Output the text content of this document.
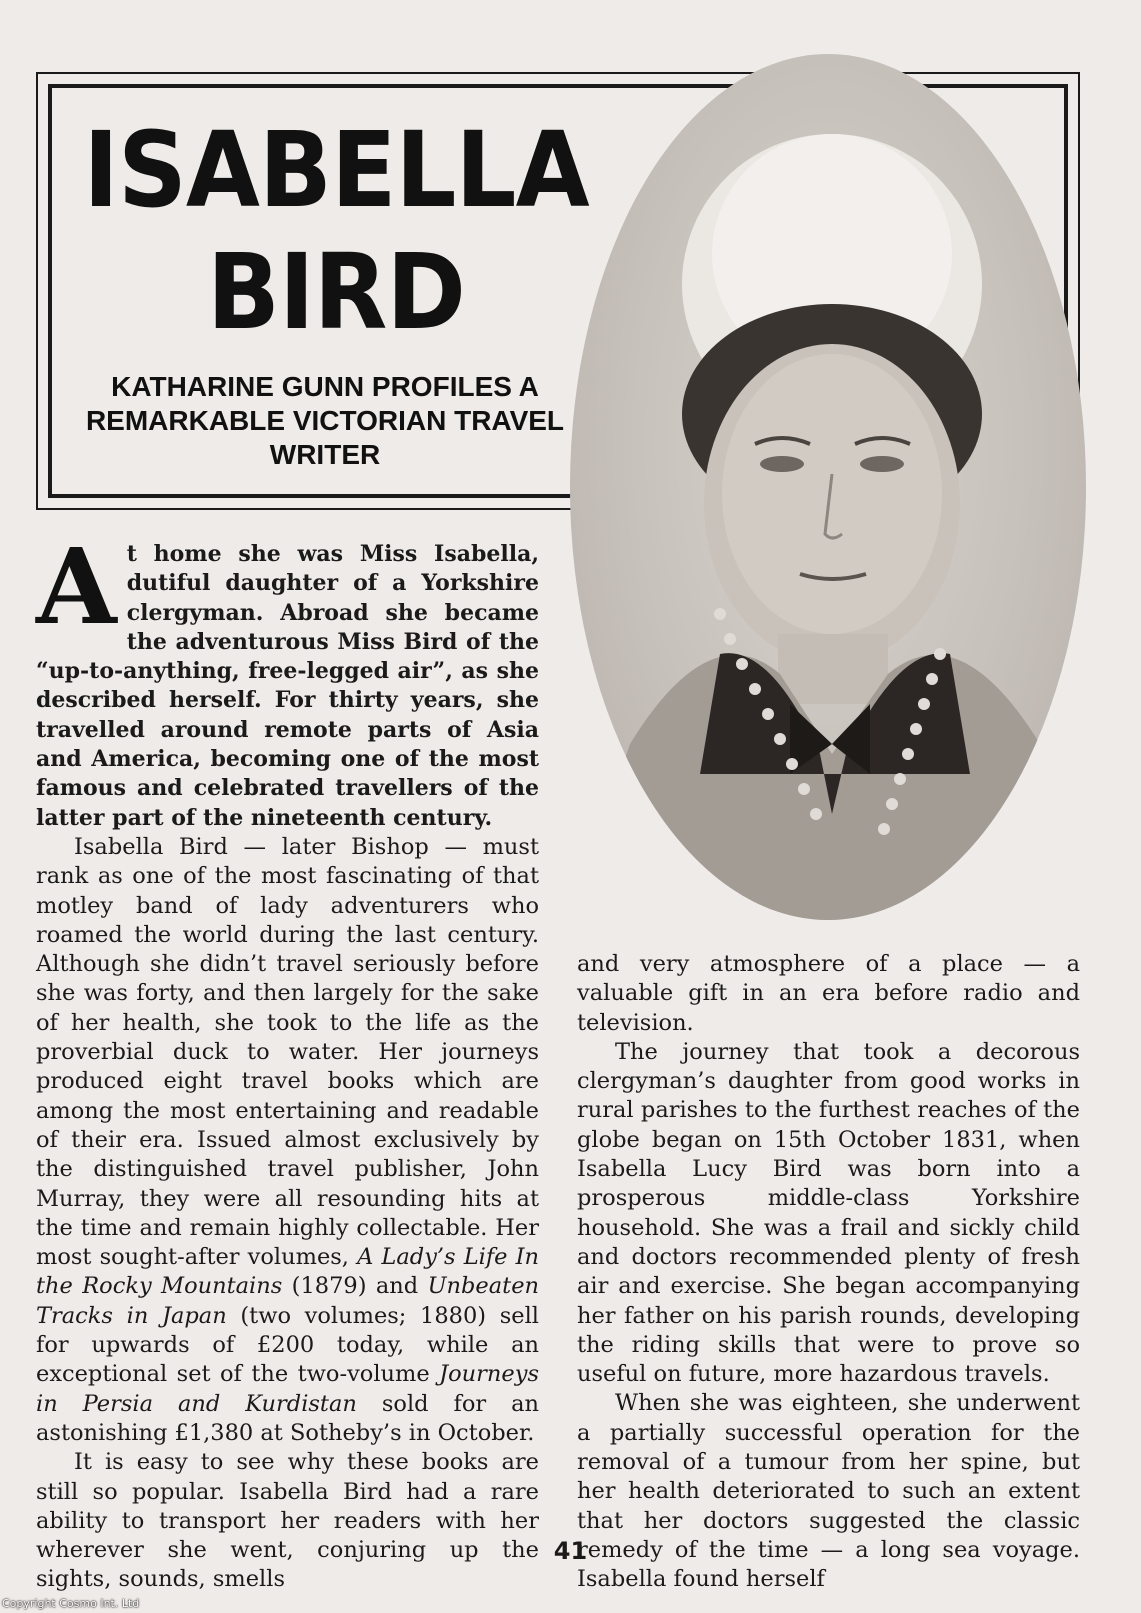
ISABELLA
BIRD
KATHARINE GUNN PROFILES A REMARKABLE VICTORIAN TRAVEL WRITER

At home she was Miss Isabella, dutiful daughter of a Yorkshire clergyman. Abroad she became the adventurous Miss Bird of the “up-to-anything, free-legged air”, as she described herself. For thirty years, she travelled around remote parts of Asia and America, becoming one of the most famous and celebrated travellers of the latter part of the nineteenth century.

Isabella Bird — later Bishop — must rank as one of the most fascinating of that motley band of lady adventurers who roamed the world during the last century. Although she didn’t travel seriously before she was forty, and then largely for the sake of her health, she took to the life as the proverbial duck to water. Her journeys produced eight travel books which are among the most entertaining and readable of their era. Issued almost exclusively by the distinguished travel publisher, John Murray, they were all resounding hits at the time and remain highly collectable. Her most sought-after volumes, A Lady’s Life In the Rocky Mountains (1879) and Unbeaten Tracks in Japan (two volumes; 1880) sell for upwards of £200 today, while an exceptional set of the two-volume Journeys in Persia and Kurdistan sold for an astonishing £1,380 at Sotheby’s in October.

It is easy to see why these books are still so popular. Isabella Bird had a rare ability to transport her readers with her wherever she went, conjuring up the sights, sounds, smells

and very atmosphere of a place — a valuable gift in an era before radio and television.

The journey that took a decorous clergyman’s daughter from good works in rural parishes to the furthest reaches of the globe began on 15th October 1831, when Isabella Lucy Bird was born into a prosperous middle-class Yorkshire household. She was a frail and sickly child and doctors recommended plenty of fresh air and exercise. She began accompanying her father on his parish rounds, developing the riding skills that were to prove so useful on future, more hazardous travels.

When she was eighteen, she underwent a partially successful operation for the removal of a tumour from her spine, but her health deteriorated to such an extent that her doctors suggested the classic remedy of the time — a long sea voyage. Isabella found herself

41
Copyright Cosmo Int. Ltd
